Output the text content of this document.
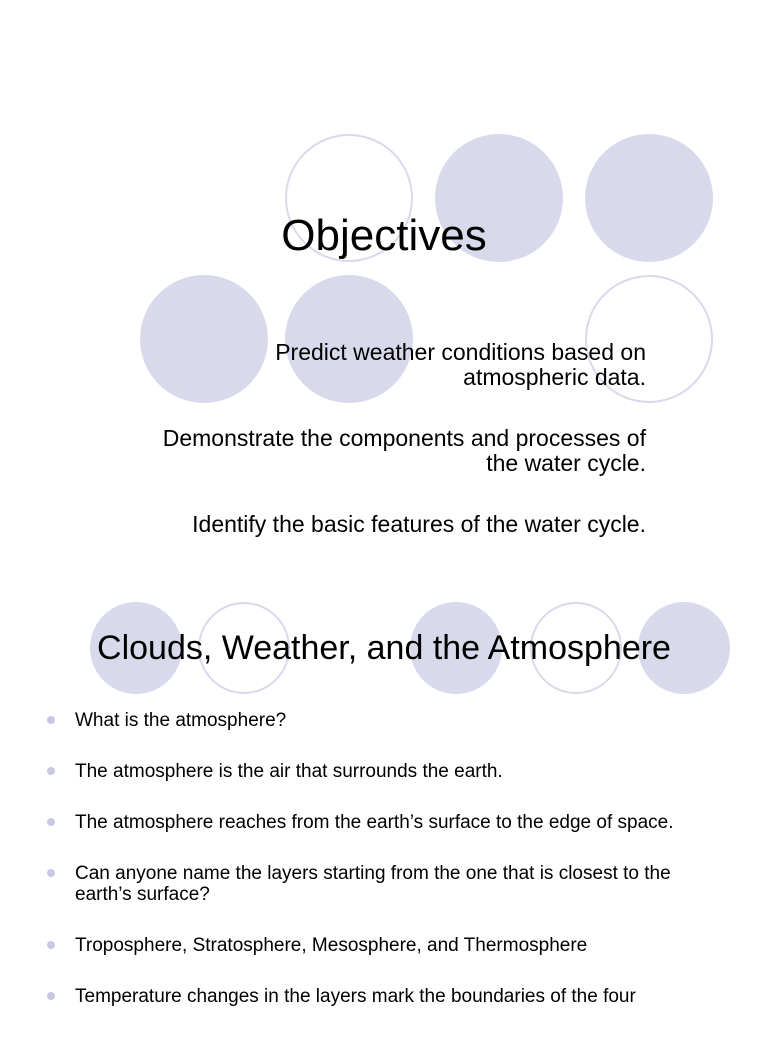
Objectives
Predict weather conditions based on atmospheric data.
Demonstrate the components and processes of the water cycle.
Identify the basic features of the water cycle.
Clouds, Weather, and the Atmosphere
What is the atmosphere?
The atmosphere is the air that surrounds the earth.
The atmosphere reaches from the earth’s surface to the edge of space.
Can anyone name the layers starting from the one that is closest to the earth’s surface?
Troposphere, Stratosphere, Mesosphere, and Thermosphere
Temperature changes in the layers mark the boundaries of the four
